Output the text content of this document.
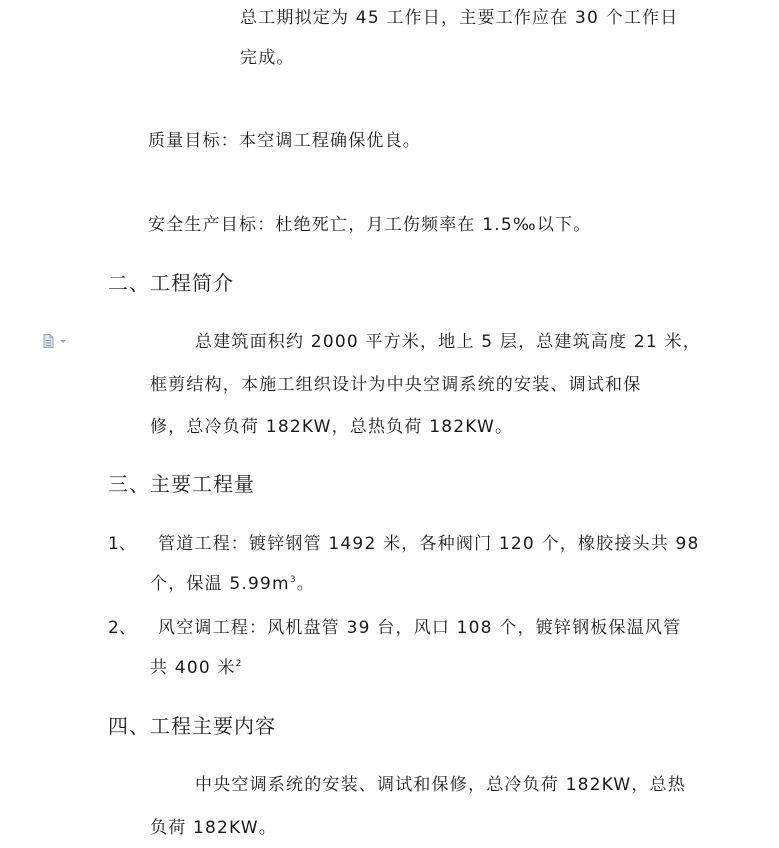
总工期拟定为 45 工作日，主要工作应在 30 个工作日
完成。
质量目标：本空调工程确保优良。
安全生产目标：杜绝死亡，月工伤频率在 1.5‰以下。
二、工程简介
总建筑面积约 2000 平方米，地上 5 层，总建筑高度 21 米，
框剪结构，本施工组织设计为中央空调系统的安装、调试和保
修，总冷负荷 182KW，总热负荷 182KW。
三、主要工程量
1、 管道工程：镀锌钢管 1492 米，各种阀门 120 个，橡胶接头共 98
个，保温 $5.99m^3$。
2、 风空调工程：风机盘管 39 台，风口 108 个，镀锌钢板保温风管
共 400 米$^2$
四、工程主要内容
中央空调系统的安装、调试和保修，总冷负荷 182KW，总热
负荷 182KW。
